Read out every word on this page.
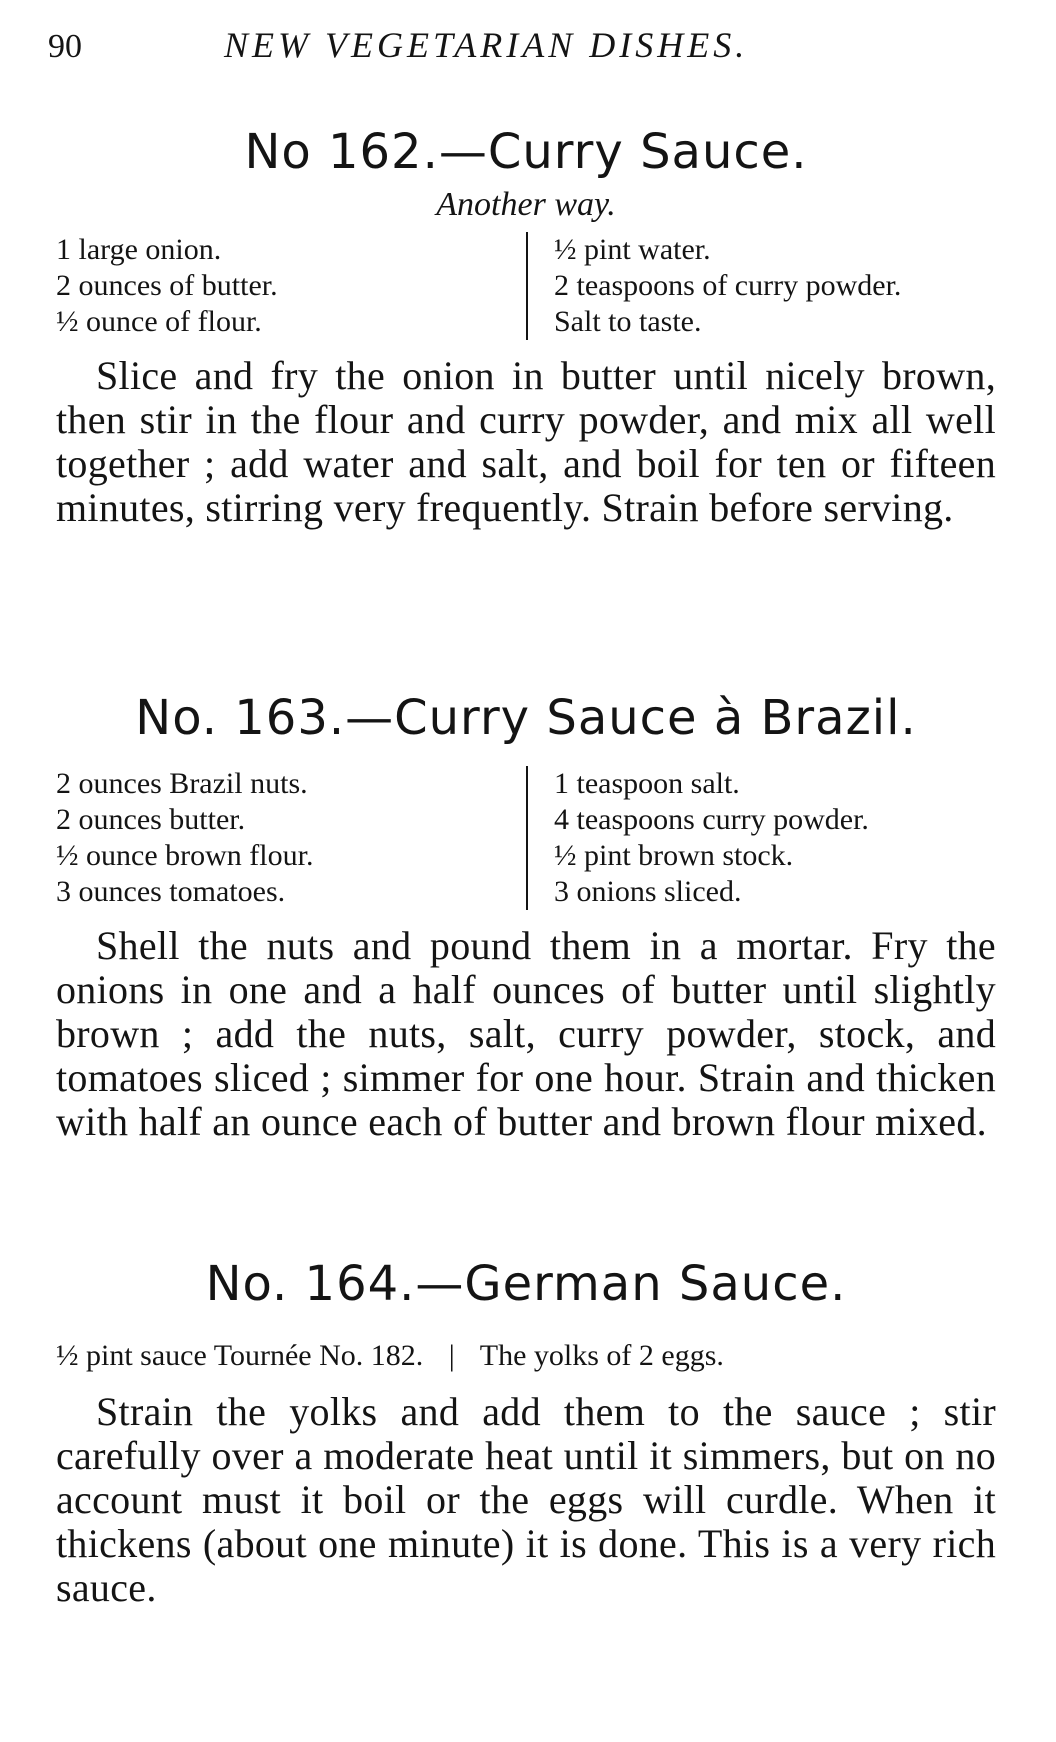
90	NEW VEGETARIAN DISHES.
No 162.—Curry Sauce.
Another way.
1 large onion.
2 ounces of butter.
½ ounce of flour.
½ pint water.
2 teaspoons of curry powder.
Salt to taste.

Slice and fry the onion in butter until nicely brown, then stir in the flour and curry powder, and mix all well together ; add water and salt, and boil for ten or fifteen minutes, stirring very frequently. Strain before serving.

No. 163.—Curry Sauce à Brazil.
2 ounces Brazil nuts.
2 ounces butter.
½ ounce brown flour.
3 ounces tomatoes.
1 teaspoon salt.
4 teaspoons curry powder.
½ pint brown stock.
3 onions sliced.

Shell the nuts and pound them in a mortar. Fry the onions in one and a half ounces of butter until slightly brown ; add the nuts, salt, curry powder, stock, and tomatoes sliced ; simmer for one hour. Strain and thicken with half an ounce each of butter and brown flour mixed.

No. 164.—German Sauce.
½ pint sauce Tournée No. 182. | The yolks of 2 eggs.

Strain the yolks and add them to the sauce ; stir carefully over a moderate heat until it simmers, but on no account must it boil or the eggs will curdle. When it thickens (about one minute) it is done. This is a very rich sauce.
